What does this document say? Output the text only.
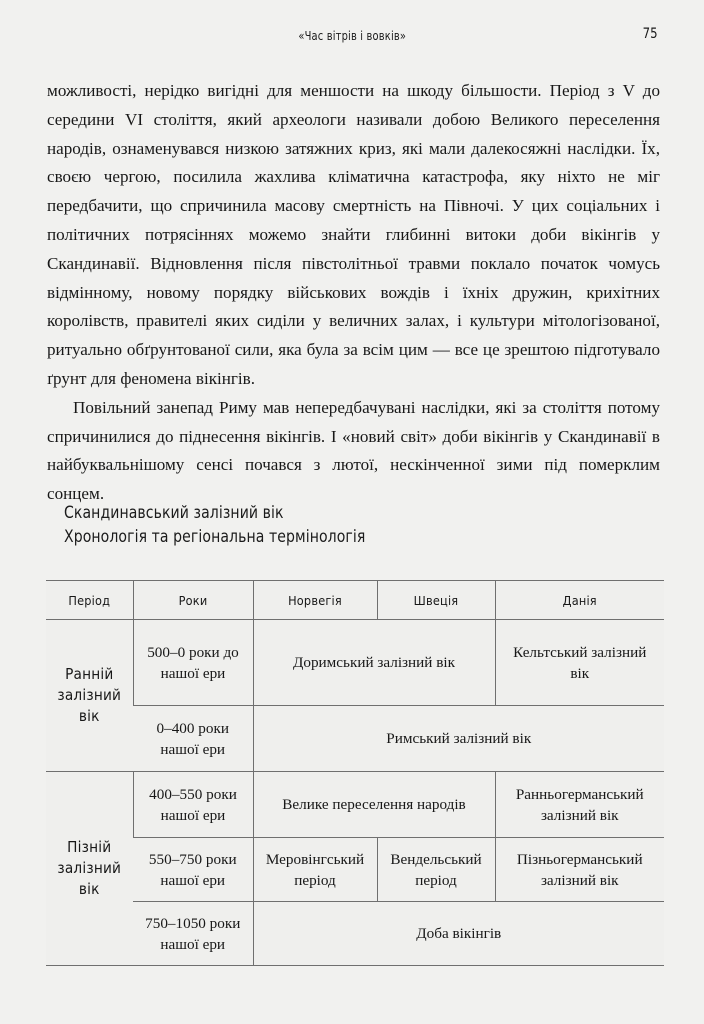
«Час вітрів і вовків»	75

можливості, нерідко вигідні для меншости на шкоду більшости. Період з V до середини VI століття, який археологи називали добою Великого переселення народів, ознаменувався низкою затяжних криз, які мали далекосяжні наслідки. Їх, своєю чергою, посилила жахлива кліматична катастрофа, яку ніхто не міг передбачити, що спричинила масову смертність на Півночі. У цих соціальних і політичних потрясіннях можемо знайти глибинні витоки доби вікінгів у Скандинавії. Відновлення після півстолітньої травми поклало початок чомусь відмінному, новому порядку військових вождів і їхніх дружин, крихітних королівств, правителі яких сиділи у величних залах, і культури мітологізованої, ритуально обґрунтованої сили, яка була за всім цим — все це зрештою підготувало ґрунт для феномена вікінгів.

Повільний занепад Риму мав непередбачувані наслідки, які за століття потому спричинилися до піднесення вікінгів. І «новий світ» доби вікінгів у Скандинавії в найбуквальнішому сенсі почався з лютої, нескінченної зими під померклим сонцем.

Скандинавський залізний вік
Хронологія та регіональна термінологія
Період	Роки	Норвегія	Швеція	Данія
Ранній залізний вік	500–0 роки до нашої ери	Доримський залізний вік		Кельтський залізний вік
	0–400 роки нашої ери	Римський залізний вік		
Пізній залізний вік	400–550 роки нашої ери	Велике переселення народів		Ранньогерманський залізний вік
	550–750 роки нашої ери	Меровінгський період	Вендельський період	Пізньогерманський залізний вік
	750–1050 роки нашої ери	Доба вікінгів		
